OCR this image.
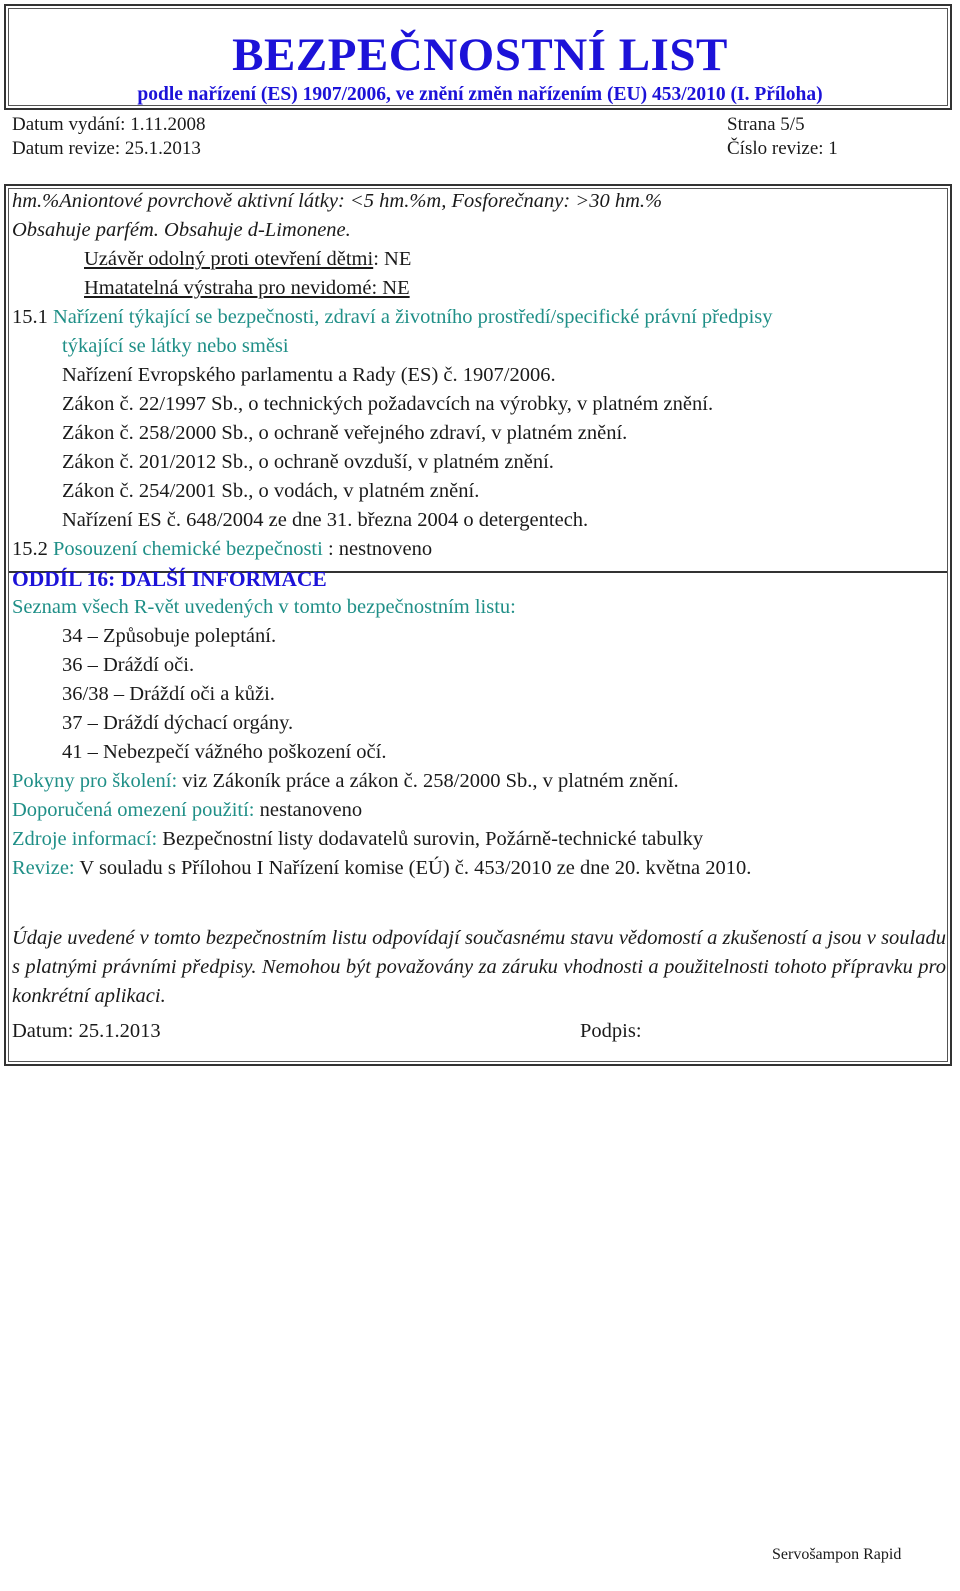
BEZPEČNOSTNÍ LIST
podle nařízení (ES) 1907/2006, ve znění změn nařízením (EU) 453/2010 (I. Příloha)
Datum vydání: 1.11.2008
Datum revize: 25.1.2013
Strana 5/5
Číslo revize: 1
hm.%Aniontové povrchově aktivní látky: <5 hm.%m, Fosforečnany: >30 hm.%
Obsahuje parfém. Obsahuje d-Limonene.
Uzávěr odolný proti otevření dětmi: NE
Hmatatelná výstraha pro nevidomé: NE
15.1 Nařízení týkající se bezpečnosti, zdraví a životního prostředí/specifické právní předpisy
týkající se látky nebo směsi
Nařízení Evropského parlamentu a Rady (ES) č. 1907/2006.
Zákon č. 22/1997 Sb., o technických požadavcích na výrobky, v platném znění.
Zákon č. 258/2000 Sb., o ochraně veřejného zdraví, v platném znění.
Zákon č. 201/2012 Sb., o ochraně ovzduší, v platném znění.
Zákon č. 254/2001 Sb., o vodách, v platném znění.
Nařízení ES č. 648/2004 ze dne 31. března 2004 o detergentech.
15.2 Posouzení chemické bezpečnosti : nestnoveno
ODDÍL 16: DALŠÍ INFORMACE
Seznam všech R-vět uvedených v tomto bezpečnostním listu:
34 – Způsobuje poleptání.
36 – Dráždí oči.
36/38 – Dráždí oči a kůži.
37 – Dráždí dýchací orgány.
41 – Nebezpečí vážného poškození očí.
Pokyny pro školení: viz Zákoník práce a zákon č. 258/2000 Sb., v platném znění.
Doporučená omezení použití: nestanoveno
Zdroje informací: Bezpečnostní listy dodavatelů surovin, Požárně-technické tabulky
Revize: V souladu s Přílohou I Nařízení komise (EÚ) č. 453/2010 ze dne 20. května 2010.
Údaje uvedené v tomto bezpečnostním listu odpovídají současnému stavu vědomostí a zkušeností a jsou v souladu s platnými právními předpisy. Nemohou být považovány za záruku vhodnosti a použitelnosti tohoto přípravku pro konkrétní aplikaci.
Datum: 25.1.2013	Podpis:
Servošampon Rapid
